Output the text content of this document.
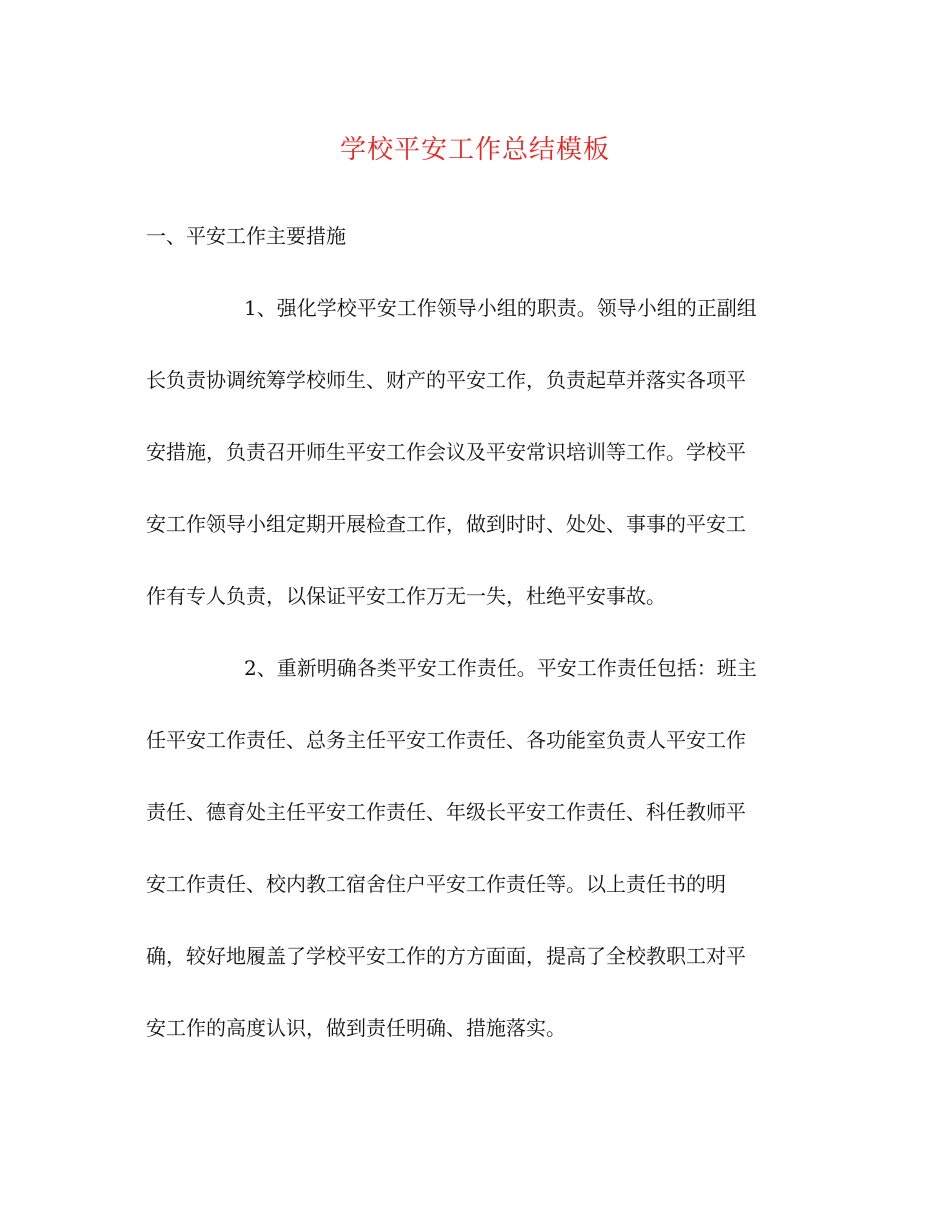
学校平安工作总结模板
一、平安工作主要措施
1、强化学校平安工作领导小组的职责。领导小组的正副组
长负责协调统筹学校师生、财产的平安工作，负责起草并落实各项平
安措施，负责召开师生平安工作会议及平安常识培训等工作。学校平
安工作领导小组定期开展检查工作，做到时时、处处、事事的平安工
作有专人负责，以保证平安工作万无一失，杜绝平安事故。
2、重新明确各类平安工作责任。平安工作责任包括：班主
任平安工作责任、总务主任平安工作责任、各功能室负责人平安工作
责任、德育处主任平安工作责任、年级长平安工作责任、科任教师平
安工作责任、校内教工宿舍住户平安工作责任等。以上责任书的明
确，较好地履盖了学校平安工作的方方面面，提高了全校教职工对平
安工作的高度认识，做到责任明确、措施落实。
